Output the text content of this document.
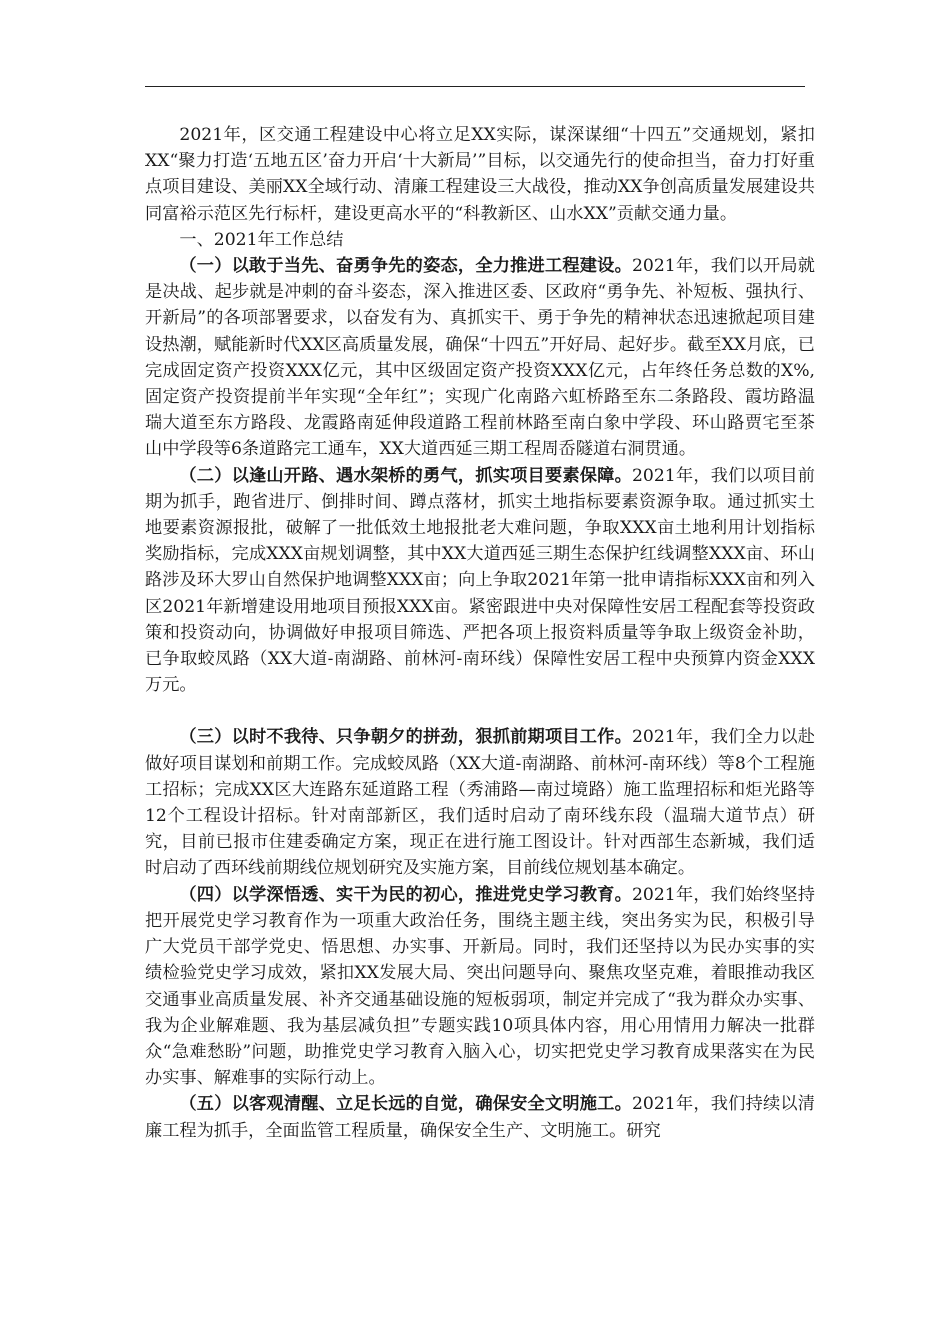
2021年，区交通工程建设中心将立足XX实际，谋深谋细“十四五”交通规划，紧扣XX“聚力打造‘五地五区’奋力开启‘十大新局’”目标，以交通先行的使命担当，奋力打好重点项目建设、美丽XX全域行动、清廉工程建设三大战役，推动XX争创高质量发展建设共同富裕示范区先行标杆，建设更高水平的“科教新区、山水XX”贡献交通力量。

一、2021年工作总结

（一）以敢于当先、奋勇争先的姿态，全力推进工程建设。2021年，我们以开局就是决战、起步就是冲刺的奋斗姿态，深入推进区委、区政府“勇争先、补短板、强执行、开新局”的各项部署要求，以奋发有为、真抓实干、勇于争先的精神状态迅速掀起项目建设热潮，赋能新时代XX区高质量发展，确保“十四五”开好局、起好步。截至XX月底，已完成固定资产投资XXX亿元，其中区级固定资产投资XXX亿元，占年终任务总数的X%,固定资产投资提前半年实现“全年红”；实现广化南路六虹桥路至东二条路段、霞坊路温瑞大道至东方路段、龙霞路南延伸段道路工程前林路至南白象中学段、环山路贾宅至茶山中学段等6条道路完工通车，XX大道西延三期工程周岙隧道右洞贯通。

（二）以逢山开路、遇水架桥的勇气，抓实项目要素保障。2021年，我们以项目前期为抓手，跑省进厅、倒排时间、蹲点落材，抓实土地指标要素资源争取。通过抓实土地要素资源报批，破解了一批低效土地报批老大难问题，争取XXX亩土地利用计划指标奖励指标，完成XXX亩规划调整，其中XX大道西延三期生态保护红线调整XXX亩、环山路涉及环大罗山自然保护地调整XXX亩；向上争取2021年第一批申请指标XXX亩和列入区2021年新增建设用地项目预报XXX亩。紧密跟进中央对保障性安居工程配套等投资政策和投资动向，协调做好申报项目筛选、严把各项上报资料质量等争取上级资金补助，已争取蛟凤路（XX大道-南湖路、前林河-南环线）保障性安居工程中央预算内资金XXX万元。

（三）以时不我待、只争朝夕的拼劲，狠抓前期项目工作。2021年，我们全力以赴做好项目谋划和前期工作。完成蛟凤路（XX大道-南湖路、前林河-南环线）等8个工程施工招标；完成XX区大连路东延道路工程（秀浦路—南过境路）施工监理招标和炬光路等12个工程设计招标。针对南部新区，我们适时启动了南环线东段（温瑞大道节点）研究，目前已报市住建委确定方案，现正在进行施工图设计。针对西部生态新城，我们适时启动了西环线前期线位规划研究及实施方案，目前线位规划基本确定。

（四）以学深悟透、实干为民的初心，推进党史学习教育。2021年，我们始终坚持把开展党史学习教育作为一项重大政治任务，围绕主题主线，突出务实为民，积极引导广大党员干部学党史、悟思想、办实事、开新局。同时，我们还坚持以为民办实事的实绩检验党史学习成效，紧扣XX发展大局、突出问题导向、聚焦攻坚克难，着眼推动我区交通事业高质量发展、补齐交通基础设施的短板弱项，制定并完成了“我为群众办实事、我为企业解难题、我为基层减负担”专题实践10项具体内容，用心用情用力解决一批群众“急难愁盼”问题，助推党史学习教育入脑入心，切实把党史学习教育成果落实在为民办实事、解难事的实际行动上。

（五）以客观清醒、立足长远的自觉，确保安全文明施工。2021年，我们持续以清廉工程为抓手，全面监管工程质量，确保安全生产、文明施工。研究
